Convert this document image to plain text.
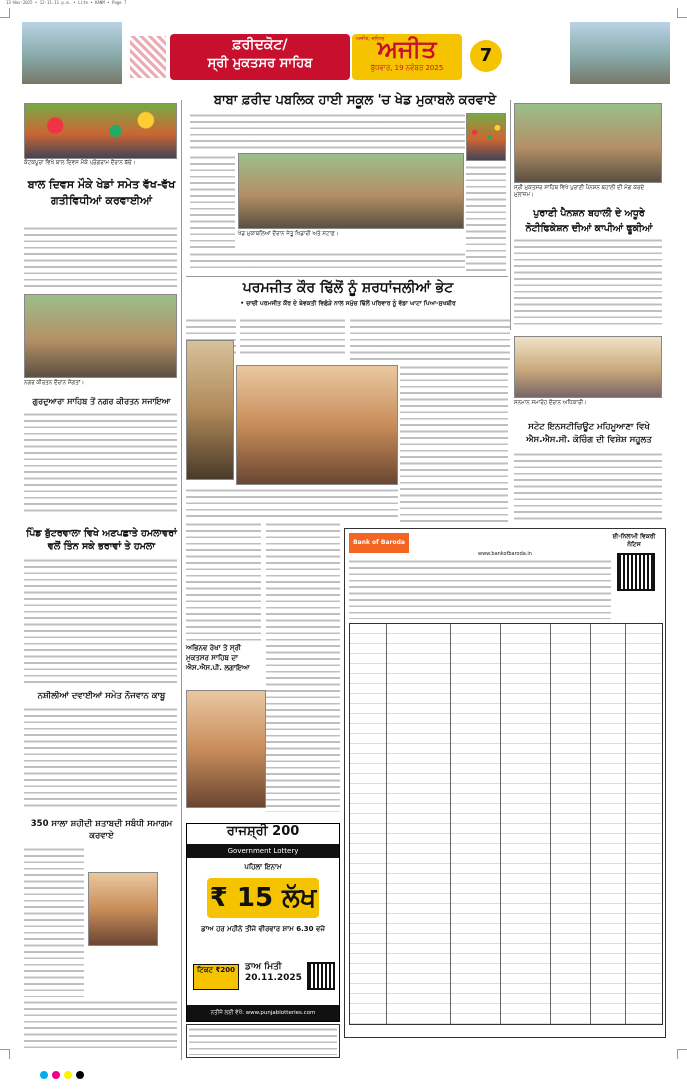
13-Nov-2025 • 12-11-11 p.m. • Lite • KANM • Page 7
ਫ਼ਰੀਦਕੋਟ/
ਸ੍ਰੀ ਮੁਕਤਸਰ ਸਾਹਿਬ
ਅਜੀਤ, ਜਲੰਧਰ
ਅਜੀਤ
ਬੁੱਧਵਾਰ, 19 ਨਵੰਬਰ 2025
7
ਬਾਬਾ ਫ਼ਰੀਦ ਪਬਲਿਕ ਹਾਈ ਸਕੂਲ 'ਚ ਖੇਡ ਮੁਕਾਬਲੇ ਕਰਵਾਏ
ਕੋਟਕਪੂਰਾ ਵਿਖੇ ਬਾਲ ਦਿਵਸ ਮੌਕੇ ਪ੍ਰੋਗਰਾਮ ਦੌਰਾਨ ਬੱਚੇ।
ਬਾਲ ਦਿਵਸ ਮੌਕੇ ਖੇਡਾਂ ਸਮੇਤ ਵੱਖ-ਵੱਖ ਗਤੀਵਿਧੀਆਂ ਕਰਵਾਈਆਂ
ਨਗਰ ਕੀਰਤਨ ਦੌਰਾਨ ਸੰਗਤਾਂ।
ਗੁਰਦੁਆਰਾ ਸਾਹਿਬ ਤੋਂ ਨਗਰ ਕੀਰਤਨ ਸਜਾਇਆ
ਪਿੰਡ ਬੁੱਟਰਵਾਲਾ ਵਿਖੇ ਅਣਪਛਾਤੇ ਹਮਲਾਵਰਾਂ ਵਲੋਂ ਤਿੰਨ ਸਕੇ ਭਰਾਵਾਂ ਤੇ ਹਮਲਾ
ਨਸ਼ੀਲੀਆਂ ਦਵਾਈਆਂ ਸਮੇਤ ਨੌਜਵਾਨ ਕਾਬੂ
350 ਸਾਲਾ ਸ਼ਹੀਦੀ ਸ਼ਤਾਬਦੀ ਸਬੰਧੀ ਸਮਾਗਮ ਕਰਵਾਏ
ਖੇਡ ਮੁਕਾਬਲਿਆਂ ਦੌਰਾਨ ਜੇਤੂ ਖਿਡਾਰੀ ਅਤੇ ਸਟਾਫ਼।
ਸ੍ਰੀ ਮੁਕਤਸਰ ਸਾਹਿਬ ਵਿਖੇ ਪੁਰਾਣੀ ਪੈਨਸ਼ਨ ਬਹਾਲੀ ਦੀ ਮੰਗ ਕਰਦੇ ਮੁਲਾਜ਼ਮ।
ਪੁਰਾਣੀ ਪੈਨਸ਼ਨ ਬਹਾਲੀ ਦੇ ਅਧੂਰੇ ਨੋਟੀਫਿਕੇਸ਼ਨ ਦੀਆਂ ਕਾਪੀਆਂ ਫੂਕੀਆਂ
ਪਰਮਜੀਤ ਕੌਰ ਢਿੱਲੋਂ ਨੂੰ ਸ਼ਰਧਾਂਜਲੀਆਂ ਭੇਟ
• ਚਾਚੀ ਪਰਮਜੀਤ ਕੌਰ ਦੇ ਬੇਵਕਤੀ ਵਿਛੋੜੇ ਨਾਲ ਸਮੁੱਚ ਢਿੱਲੋਂ ਪਰਿਵਾਰ ਨੂੰ ਵੱਡਾ ਘਾਟਾ ਪਿਆ-ਸੁਖਬੀਰ
ਸਨਮਾਨ ਸਮਾਰੋਹ ਦੌਰਾਨ ਅਧਿਕਾਰੀ।
ਸਟੇਟ ਇਨਸਟੀਚਿਊਟ ਮਹਿਮੂਆਣਾ ਵਿਖੇ ਐਸ.ਐਸ.ਸੀ. ਕੋਚਿੰਗ ਦੀ ਵਿਸ਼ੇਸ਼ ਸਹੂਲਤ
ਅਭਿਨਵ ਰੇਖਾ ਤੇ ਸ੍ਰੀ ਮੁਕਤਸਰ ਸਾਹਿਬ ਦਾ ਐਸ.ਐਸ.ਪੀ. ਲਗਾਇਆ
Bank of Baroda
ਈ-ਨਿਲਾਮੀ ਵਿਕਰੀ ਨੋਟਿਸ
www.bankofbaroda.in
ਰਾਜਸ਼੍ਰੀ 200
Government Lottery
ਪਹਿਲਾ ਇਨਾਮ
₹ 15 ਲੱਖ
ਡਾਅ ਹਰ ਮਹੀਨੇ ਤੀਜੇ ਵੀਰਵਾਰ ਸ਼ਾਮ 6.30 ਵਜੇ
ਟਿਕਟ ₹200	ਡਾਅ ਮਿਤੀ
20.11.2025
ਨਤੀਜੇ ਲਈ ਵੇਖੋ: www.punjablotteries.com
